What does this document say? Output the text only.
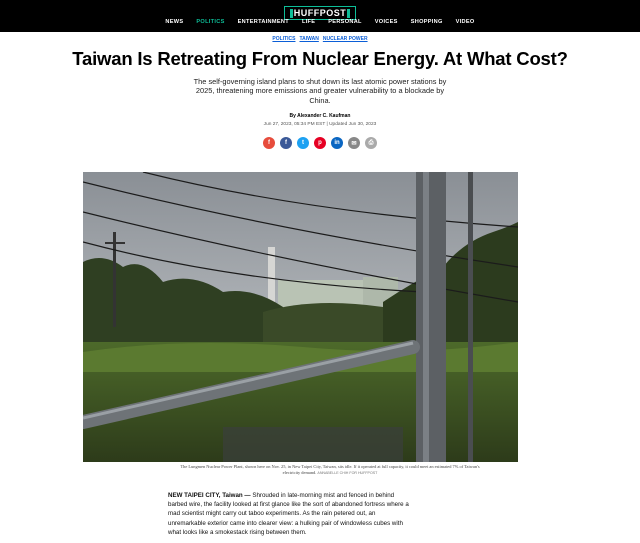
HUFFPOST
NEWS POLITICS ENTERTAINMENT LIFE PERSONAL VOICES SHOPPING VIDEO
POLITICS TAIWAN NUCLEAR POWER
Taiwan Is Retreating From Nuclear Energy. At What Cost?
The self-governing island plans to shut down its last atomic power stations by 2025, threatening more emissions and greater vulnerability to a blockade by China.
By Alexander C. Kaufman
Jun 27, 2023, 05:34 PM EST | Updated Jun 30, 2023
f	f	t	p	in	✉	⎙
The Lungmen Nuclear Power Plant, shown here on Nov. 25, in New Taipei City, Taiwan, sits idle. If it operated at full capacity, it could meet an estimated 7% of Taiwan's electricity demand. ANNABELLE CHIH FOR HUFFPOST
NEW TAIPEI CITY, Taiwan — Shrouded in late-morning mist and fenced in behind barbed wire, the facility looked at first glance like the sort of abandoned fortress where a mad scientist might carry out taboo experiments. As the rain petered out, an unremarkable exterior came into clearer view: a hulking pair of windowless cubes with what looks like a smokestack rising between them.
